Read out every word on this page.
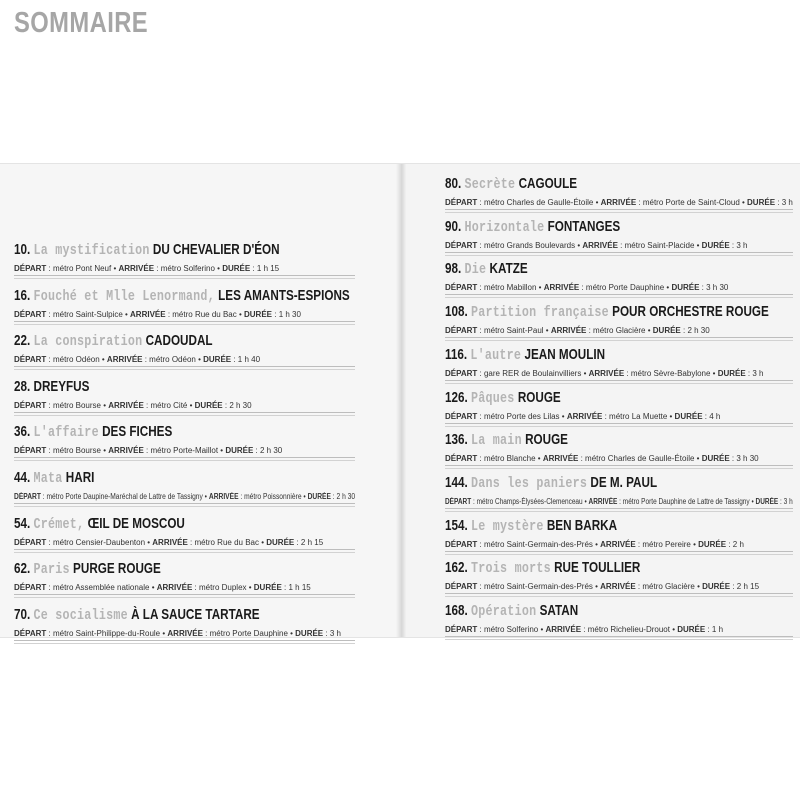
SOMMAIRE
10. La mystification DU CHEVALIER D'ÉON
DÉPART : métro Pont Neuf • ARRIVÉE : métro Solferino • DURÉE : 1 h 15
16. Fouché et Mlle Lenormand, LES AMANTS-ESPIONS
DÉPART : métro Saint-Sulpice • ARRIVÉE : métro Rue du Bac • DURÉE : 1 h 30
22. La conspiration CADOUDAL
DÉPART : métro Odéon • ARRIVÉE : métro Odéon • DURÉE : 1 h 40
28. DREYFUS
DÉPART : métro Bourse • ARRIVÉE : métro Cité • DURÉE : 2 h 30
36. L'affaire DES FICHES
DÉPART : métro Bourse • ARRIVÉE : métro Porte-Maillot • DURÉE : 2 h 30
44. Mata HARI
DÉPART : métro Porte Daupine-Maréchal de Lattre de Tassigny • ARRIVÉE : métro Poissonnière • DURÉE : 2 h 30
54. Crémet, ŒIL DE MOSCOU
DÉPART : métro Censier-Daubenton • ARRIVÉE : métro Rue du Bac • DURÉE : 2 h 15
62. Paris PURGE ROUGE
DÉPART : métro Assemblée nationale • ARRIVÉE : métro Duplex • DURÉE : 1 h 15
70. Ce socialisme À LA SAUCE TARTARE
DÉPART : métro Saint-Philippe-du-Roule • ARRIVÉE : métro Porte Dauphine • DURÉE : 3 h
80. Secrète CAGOULE
DÉPART : métro Charles de Gaulle-Étoile • ARRIVÉE : métro Porte de Saint-Cloud • DURÉE : 3 h
90. Horizontale FONTANGES
DÉPART : métro Grands Boulevards • ARRIVÉE : métro Saint-Placide • DURÉE : 3 h
98. Die KATZE
DÉPART : métro Mabillon • ARRIVÉE : métro Porte Dauphine • DURÉE : 3 h 30
108. Partition française POUR ORCHESTRE ROUGE
DÉPART : métro Saint-Paul • ARRIVÉE : métro Glacière • DURÉE : 2 h 30
116. L'autre JEAN MOULIN
DÉPART : gare RER de Boulainvilliers • ARRIVÉE : métro Sèvre-Babylone • DURÉE : 3 h
126. Pâques ROUGE
DÉPART : métro Porte des Lilas • ARRIVÉE : métro La Muette • DURÉE : 4 h
136. La main ROUGE
DÉPART : métro Blanche • ARRIVÉE : métro Charles de Gaulle-Étoile • DURÉE : 3 h 30
144. Dans les paniers DE M. PAUL
DÉPART : métro Champs-Élysées-Clemenceau • ARRIVÉE : métro Porte Dauphine de Lattre de Tassigny • DURÉE : 3 h
154. Le mystère BEN BARKA
DÉPART : métro Saint-Germain-des-Prés • ARRIVÉE : métro Pereire • DURÉE : 2 h
162. Trois morts RUE TOULLIER
DÉPART : métro Saint-Germain-des-Prés • ARRIVÉE : métro Glacière • DURÉE : 2 h 15
168. Opération SATAN
DÉPART : métro Solferino • ARRIVÉE : métro Richelieu-Drouot • DURÉE : 1 h
